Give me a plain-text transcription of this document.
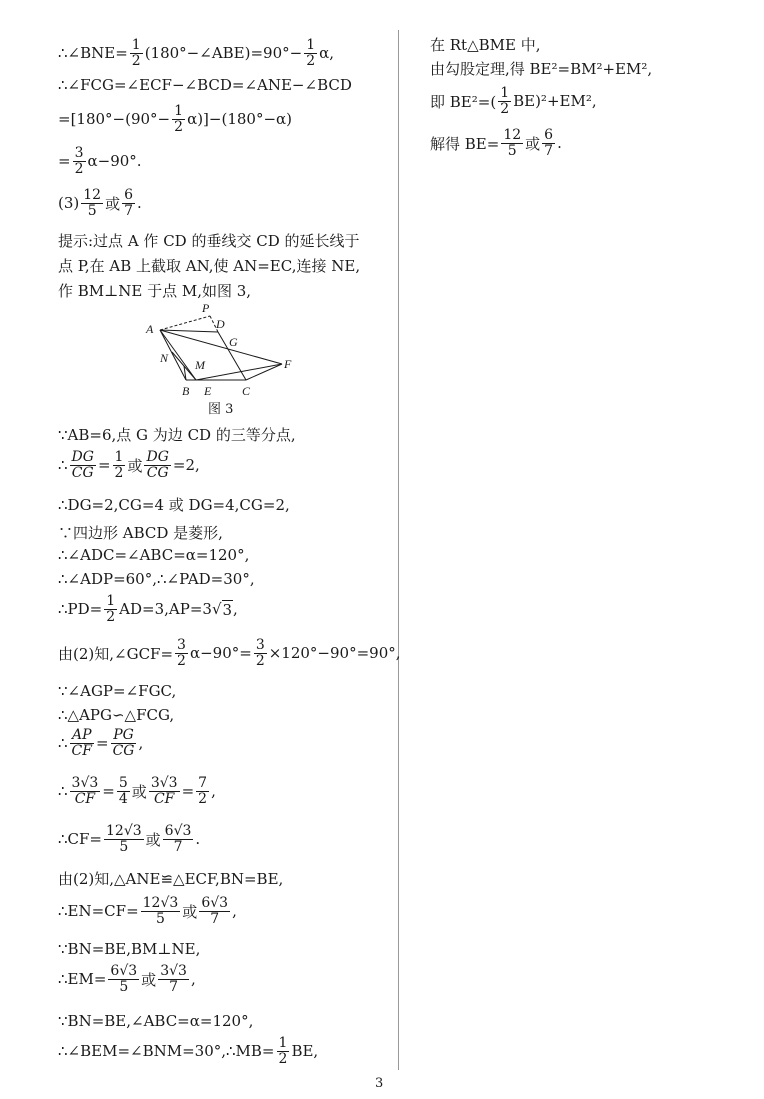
∴∠BNE= $\frac{1}{2}$ (180°−∠ABE)=90°− $\frac{1}{2} \alpha$,
∴∠FCG=∠ECF−∠BCD=∠ANE−∠BCD
$=[180^\circ-(90^\circ- \frac{1}{2} \alpha)]-(180^\circ-\alpha)$
= $\frac{3}{2} \alpha-90^\circ$.
$(3) \frac{12}{5}$ 或 $\frac{6}{7}$ .
提示:过点 A 作 CD 的垂线交 CD 的延长线于
点 P,在 AB 上截取 AN,使 AN=EC,连接 NE,
作 BM⊥NE 于点 M,如图 3,
A
P
D
G
F
N M
B E	C
图 3
∵AB=6,点 G 为边 CD 的三等分点,
∴ $\frac{DG}{CG} = \frac{1}{2}$ 或 $\frac{DG}{CG} =2$,
∴DG=2,CG=4 或 DG=4,CG=2,
∵四边形 ABCD 是菱形,
∴∠ADC=∠ABC=α=120°,
∴∠ADP=60°,∴∠PAD=30°,
∴PD= $\frac{1}{2} AD=3,AP=3$ √ 3 ,
由(2)知,∠GCF= $\frac{3}{2} \alpha-90^\circ= \frac{3}{2} \times 120^\circ-90^\circ=90^\circ$,
∵∠AGP=∠FGC,
∴△APG∽△FCG,
∴ $\frac{AP}{CF} = \frac{PG}{CG}$ ,
∴ $\frac{3√3}{CF} = \frac{5}{4}$ 或 $\frac{3√3}{CF} = \frac{7}{2}$ ,
∴CF= $\frac{12√3}{5}$ 或 $\frac{6√3}{7}$ .
由(2)知,△ANE≌△ECF,BN=BE,
∴EN=CF= $\frac{12√3}{5}$ 或 $\frac{6√3}{7}$ ,
∵BN=BE,BM⊥NE,
∴EM= $\frac{6√3}{5}$ 或 $\frac{3√3}{7}$ ,
∵BN=BE,∠ABC=α=120°,
∴∠BEM=∠BNM=30°,∴MB= $\frac{1}{2}$ BE,
在 Rt△BME 中,
由勾股定理,得 BE²=BM²+EM²,
即 $BE^2=( \frac{1}{2} BE)^2+EM^2$,
解得 $BE= \frac{12}{5}$ 或 $\frac{6}{7}$ .
3
